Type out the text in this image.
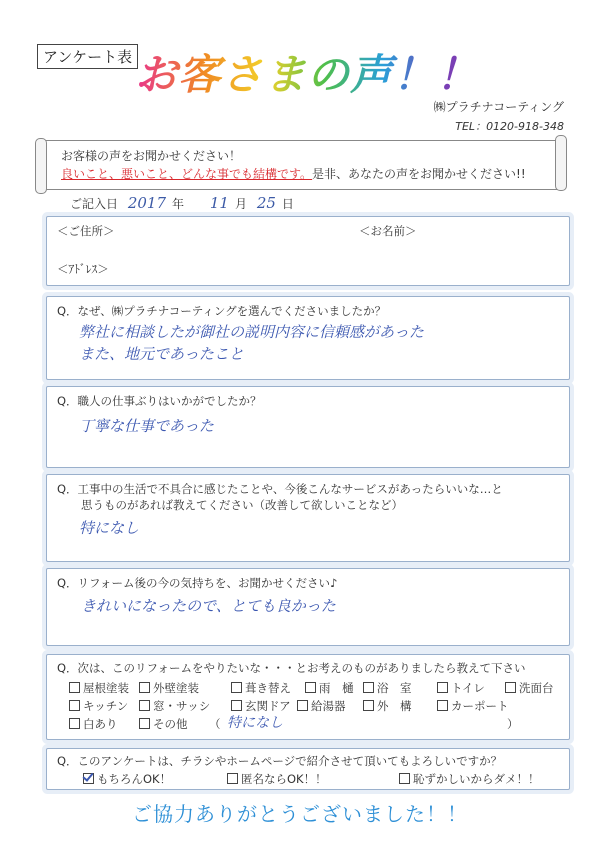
アンケート表 お客さまの声！！
㈱プラチナコーティング
TEL：0120-918-348
お客様の声をお聞かせください！
良いこと、悪いこと、どんな事でも結構です。是非、あなたの声をお聞かせください!!
ご記入日 2017 年 11 月 25 日
＜ご住所＞	＜お名前＞
＜ｱﾄﾞﾚｽ＞
Q．なぜ、㈱プラチナコーティングを選んでくださいましたか？
弊社に相談したが御社の説明内容に信頼感があった
また、地元であったこと
Q．職人の仕事ぶりはいかがでしたか？
丁寧な仕事であった
Q．工事中の生活で不具合に感じたことや、今後こんなサービスがあったらいいな…と
思うものがあれば教えてください（改善して欲しいことなど）
特になし
Q．リフォーム後の今の気持ちを、お聞かせください♪
きれいになったので、とても良かった
Q．次は、このリフォームをやりたいな・・・とお考えのものがありましたら教えて下さい
屋根塗装	外壁塗装	葺き替え	雨　樋	浴　室	トイレ	洗面台
キッチン	窓・サッシ	玄関ドア	給湯器	外　構	カーポート
白あり	その他 （ 特になし	）
Q．このアンケートは、チラシやホームページで紹介させて頂いてもよろしいですか？
もちろんOK！	匿名ならOK！！	恥ずかしいからダメ！！
ご協力ありがとうございました！！
